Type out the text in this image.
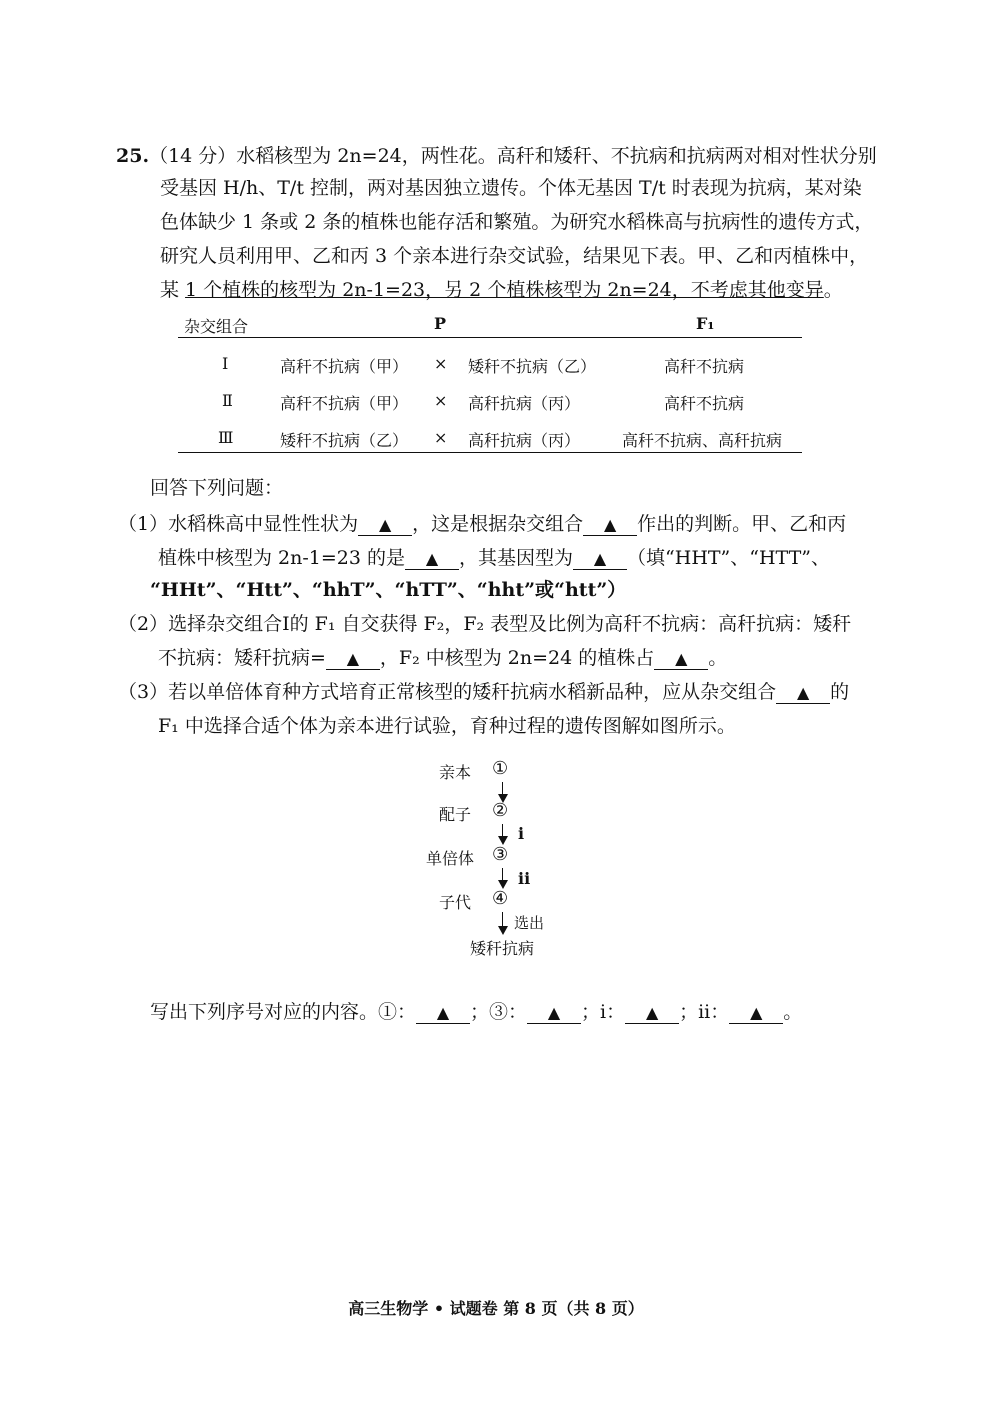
25.（14 分）水稻核型为 2n=24，两性花。高秆和矮秆、不抗病和抗病两对相对性状分别
受基因 H/h、T/t 控制，两对基因独立遗传。个体无基因 T/t 时表现为抗病，某对染
色体缺少 1 条或 2 条的植株也能存活和繁殖。为研究水稻株高与抗病性的遗传方式，
研究人员利用甲、乙和丙 3 个亲本进行杂交试验，结果见下表。甲、乙和丙植株中，
某 1 个植株的核型为 2n-1=23，另 2 个植株核型为 2n=24，不考虑其他变异。
杂交组合	P	F₁
Ⅰ	高秆不抗病（甲） × 矮秆不抗病（乙）	高秆不抗病
Ⅱ	高秆不抗病（甲） × 高秆抗病（丙）	高秆不抗病
Ⅲ	矮秆不抗病（乙） × 高秆抗病（丙）	高秆不抗病、高秆抗病
回答下列问题：
（1）水稻株高中显性性状为 ▲ ，这是根据杂交组合 ▲ 作出的判断。甲、乙和丙
植株中核型为 2n-1=23 的是 ▲ ，其基因型为 ▲ （填“HHT”、“HTT”、
“HHt”、“Htt”、“hhT”、“hTT”、“hht”或“htt”）
（2）选择杂交组合Ⅰ的 F₁ 自交获得 F₂，F₂ 表型及比例为高秆不抗病：高秆抗病：矮秆
不抗病：矮秆抗病= ▲ ，F₂ 中核型为 2n=24 的植株占 ▲ 。
（3）若以单倍体育种方式培育正常核型的矮秆抗病水稻新品种，应从杂交组合 ▲ 的
F₁ 中选择合适个体为亲本进行试验，育种过程的遗传图解如图所示。
亲本 ①
配子 ②
i
单倍体 ③
ii
子代 ④
选出
矮秆抗病
写出下列序号对应的内容。①： ▲ ；③： ▲ ；i： ▲ ；ii： ▲ 。
高三生物学 • 试题卷 第 8 页（共 8 页）
